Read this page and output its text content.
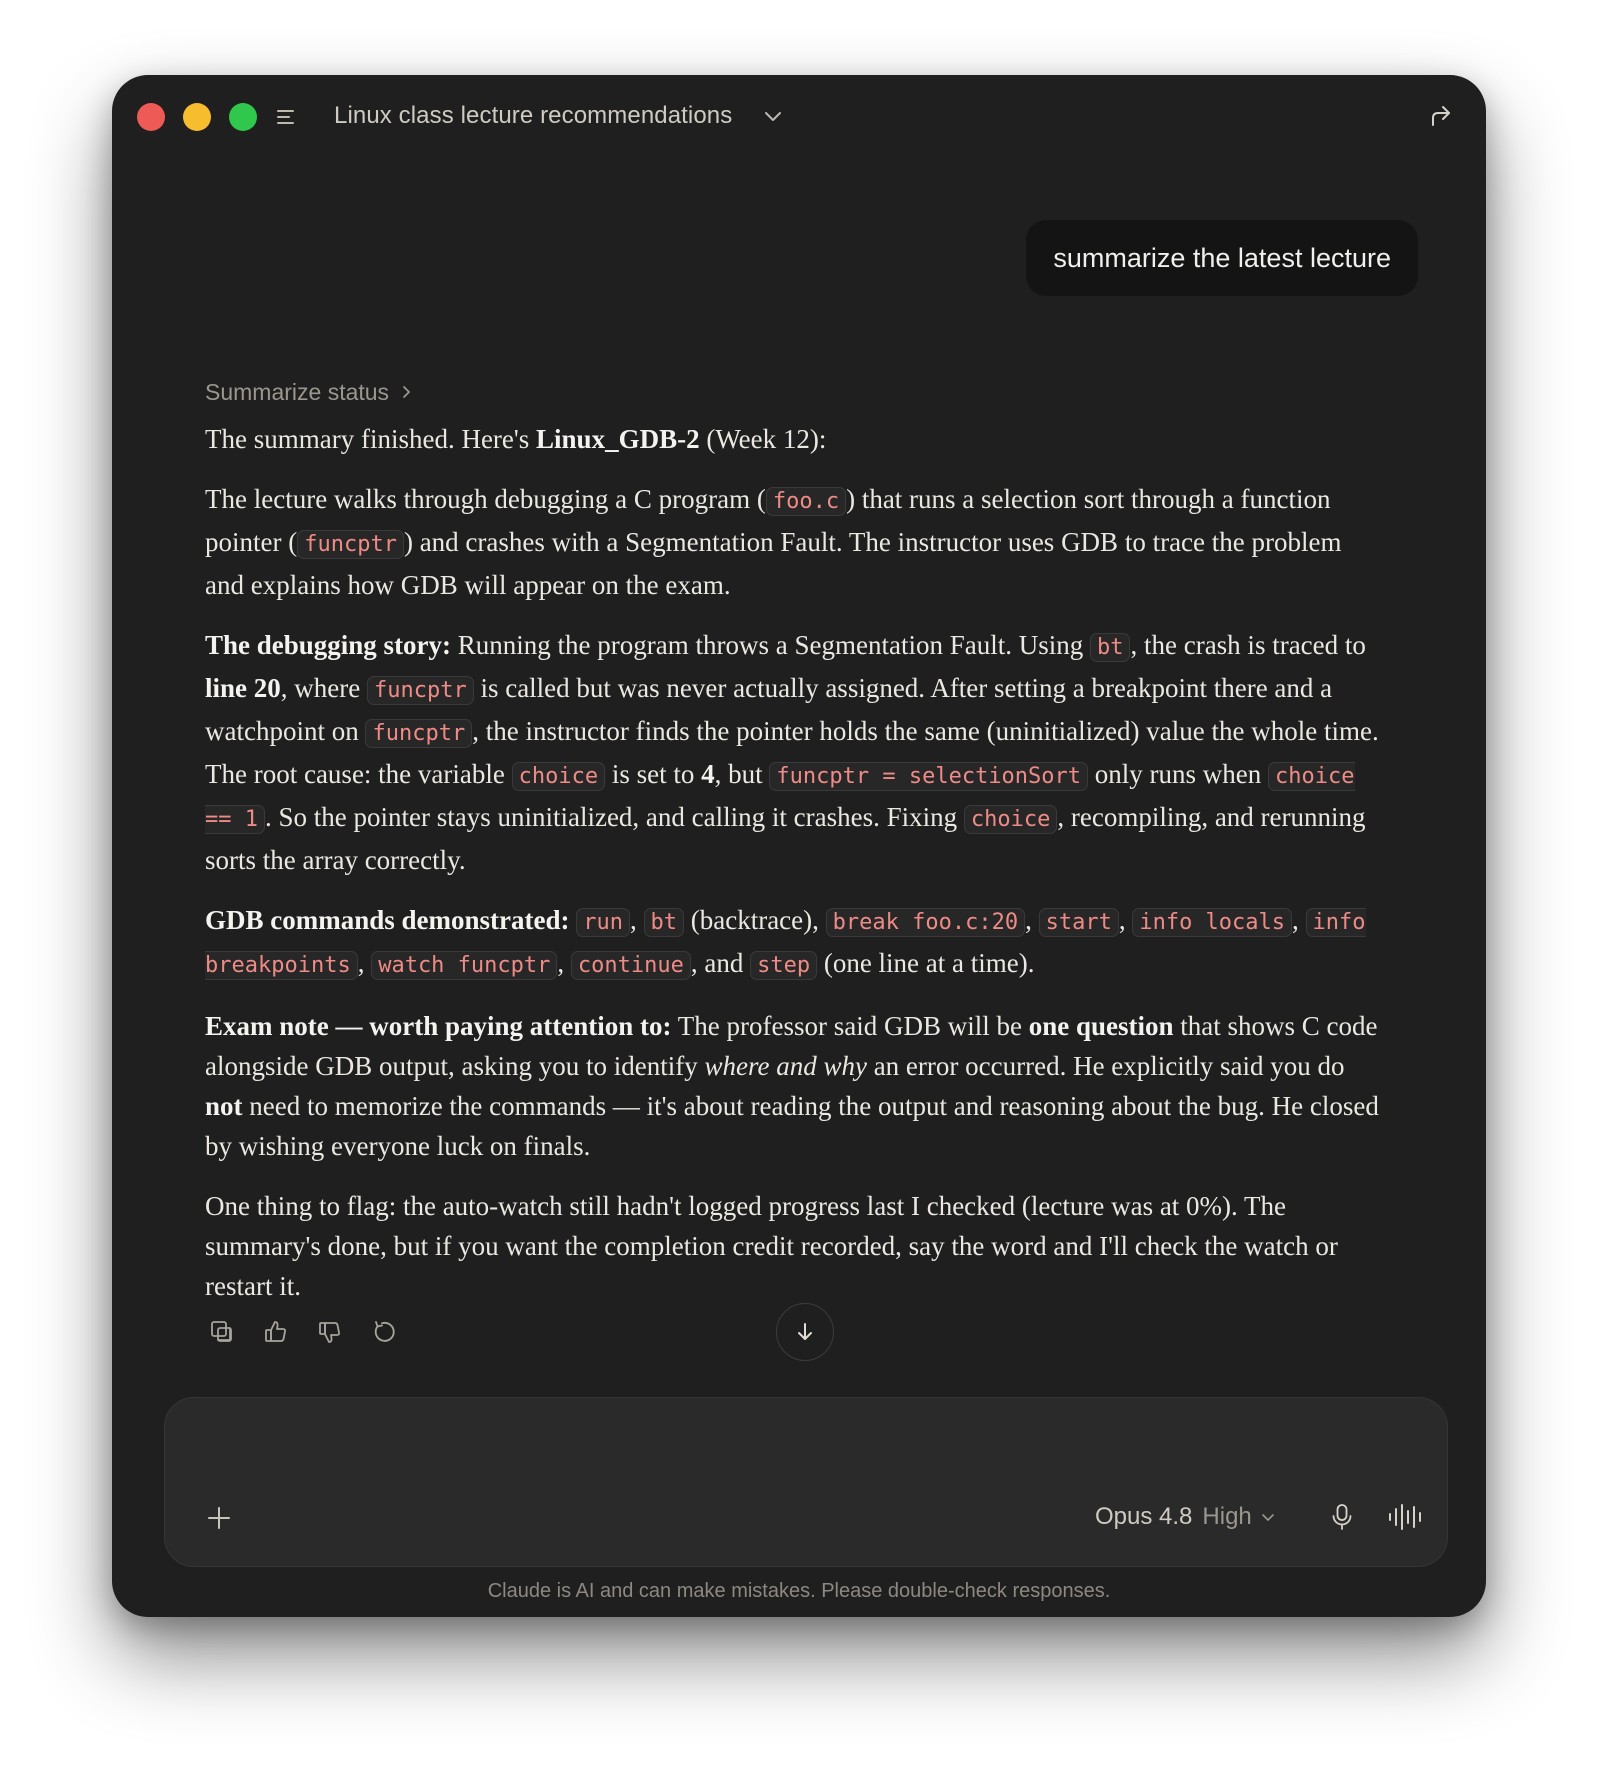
Linux class lecture recommendations
summarize the latest lecture
Summarize status

The summary finished. Here's Linux_GDB-2 (Week 12):

The lecture walks through debugging a C program ( foo.c ) that runs a selection sort through a function pointer ( funcptr ) and crashes with a Segmentation Fault. The instructor uses GDB to trace the problem and explains how GDB will appear on the exam.

The debugging story: Running the program throws a Segmentation Fault. Using bt , the crash is traced to line 20, where funcptr is called but was never actually assigned. After setting a breakpoint there and a watchpoint on funcptr , the instructor finds the pointer holds the same (uninitialized) value the whole time. The root cause: the variable choice is set to 4, but funcptr = selectionSort only runs when choice == 1 . So the pointer stays uninitialized, and calling it crashes. Fixing choice , recompiling, and rerunning sorts the array correctly.

GDB commands demonstrated: run , bt (backtrace), break foo.c:20 , start , info locals , info breakpoints , watch funcptr , continue , and step (one line at a time).

Exam note — worth paying attention to: The professor said GDB will be one question that shows C code alongside GDB output, asking you to identify where and why an error occurred. He explicitly said you do not need to memorize the commands — it's about reading the output and reasoning about the bug. He closed by wishing everyone luck on finals.

One thing to flag: the auto-watch still hadn't logged progress last I checked (lecture was at 0%). The summary's done, but if you want the completion credit recorded, say the word and I'll check the watch or restart it.

Opus 4.8 High
Claude is AI and can make mistakes. Please double-check responses.
